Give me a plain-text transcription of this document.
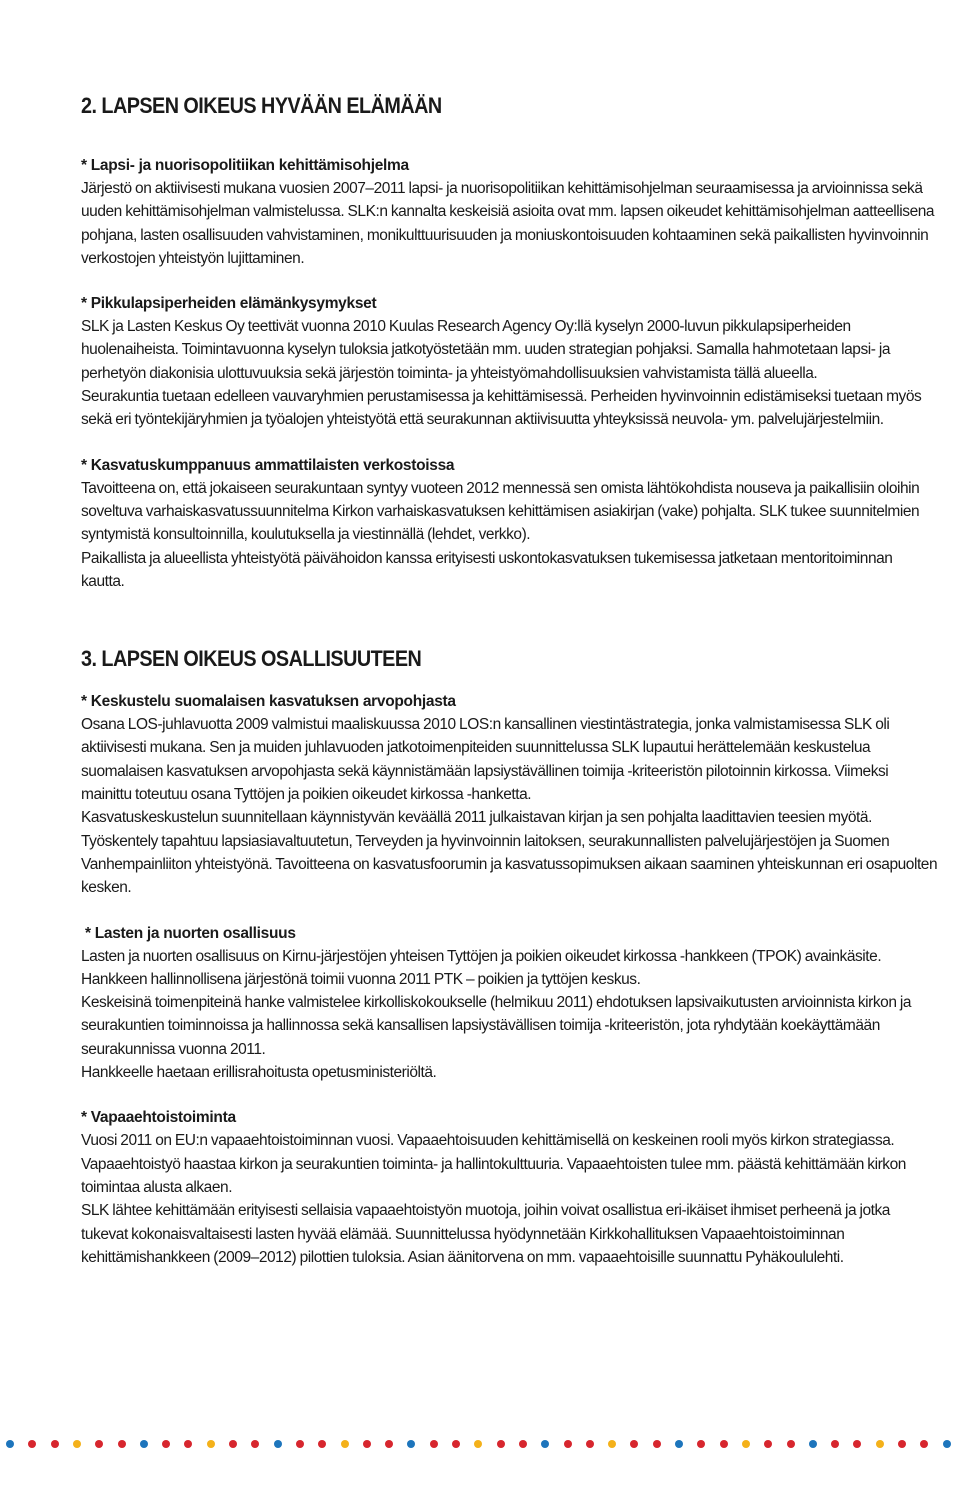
2. LAPSEN OIKEUS HYVÄÄN ELÄMÄÄN

* Lapsi- ja nuorisopolitiikan kehittämisohjelma

Järjestö on aktiivisesti mukana vuosien 2007–2011 lapsi- ja nuorisopolitiikan kehittämisohjelman seuraamisessa ja arvioinnissa sekä uuden kehittämisohjelman valmistelussa. SLK:n kannalta keskeisiä asioita ovat mm. lapsen oikeudet kehittämisohjelman aatteellisena pohjana, lasten osallisuuden vahvistaminen, monikulttuurisuuden ja moniuskontoisuuden kohtaaminen sekä paikallisten hyvinvoinnin verkostojen yhteistyön lujittaminen.

* Pikkulapsiperheiden elämänkysymykset

SLK ja Lasten Keskus Oy teettivät vuonna 2010 Kuulas Research Agency Oy:llä kyselyn 2000-luvun pikkulapsiperheiden huolenaiheista. Toimintavuonna kyselyn tuloksia jatkotyöstetään mm. uuden strategian pohjaksi. Samalla hahmotetaan lapsi- ja perhetyön diakonisia ulottuvuuksia sekä järjestön toiminta- ja yhteistyömahdollisuuksien vahvistamista tällä alueella.

Seurakuntia tuetaan edelleen vauvaryhmien perustamisessa ja kehittämisessä. Perheiden hyvinvoinnin edistämiseksi tuetaan myös sekä eri työntekijäryhmien ja työalojen yhteistyötä että seurakunnan aktiivisuutta yhteyksissä neuvola- ym. palvelujärjestelmiin.

* Kasvatuskumppanuus ammattilaisten verkostoissa

Tavoitteena on, että jokaiseen seurakuntaan syntyy vuoteen 2012 mennessä sen omista lähtökohdista nouseva ja paikallisiin oloihin soveltuva varhaiskasvatussuunnitelma Kirkon varhaiskasvatuksen kehittämisen asiakirjan (vake) pohjalta. SLK tukee suunnitelmien syntymistä konsultoinnilla, koulutuksella ja viestinnällä (lehdet, verkko).

Paikallista ja alueellista yhteistyötä päivähoidon kanssa erityisesti uskontokasvatuksen tukemisessa jatketaan mentoritoiminnan kautta.

3. LAPSEN OIKEUS OSALLISUUTEEN

* Keskustelu suomalaisen kasvatuksen arvopohjasta

Osana LOS-juhlavuotta 2009 valmistui maaliskuussa 2010 LOS:n kansallinen viestintästrategia, jonka valmistamisessa SLK oli aktiivisesti mukana. Sen ja muiden juhlavuoden jatkotoimenpiteiden suunnittelussa SLK lupautui herättelemään keskustelua suomalaisen kasvatuksen arvopohjasta sekä käynnistämään lapsiystävällinen toimija -kriteeristön pilotoinnin kirkossa. Viimeksi mainittu toteutuu osana Tyttöjen ja poikien oikeudet kirkossa -hanketta.

Kasvatuskeskustelun suunnitellaan käynnistyvän keväällä 2011 julkaistavan kirjan ja sen pohjalta laadittavien teesien myötä. Työskentely tapahtuu lapsiasiavaltuutetun, Terveyden ja hyvinvoinnin laitoksen, seurakunnallisten palvelujärjestöjen ja Suomen Vanhempainliiton yhteistyönä. Tavoitteena on kasvatusfoorumin ja kasvatussopimuksen aikaan saaminen yhteiskunnan eri osapuolten kesken.

* Lasten ja nuorten osallisuus

Lasten ja nuorten osallisuus on Kirnu-järjestöjen yhteisen Tyttöjen ja poikien oikeudet kirkossa -hankkeen (TPOK) avainkäsite.

Hankkeen hallinnollisena järjestönä toimii vuonna 2011 PTK – poikien ja tyttöjen keskus.

Keskeisinä toimenpiteinä hanke valmistelee kirkolliskokoukselle (helmikuu 2011) ehdotuksen lapsivaikutusten arvioinnista kirkon ja seurakuntien toiminnoissa ja hallinnossa sekä kansallisen lapsiystävällisen toimija -kriteeristön, jota ryhdytään koekäyttämään seurakunnissa vuonna 2011.

Hankkeelle haetaan erillisrahoitusta opetusministeriöltä.

* Vapaaehtoistoiminta

Vuosi 2011 on EU:n vapaaehtoistoiminnan vuosi. Vapaaehtoisuuden kehittämisellä on keskeinen rooli myös kirkon strategiassa. Vapaaehtoistyö haastaa kirkon ja seurakuntien toiminta- ja hallintokulttuuria. Vapaaehtoisten tulee mm. päästä kehittämään kirkon toimintaa alusta alkaen.

SLK lähtee kehittämään erityisesti sellaisia vapaaehtoistyön muotoja, joihin voivat osallistua eri-ikäiset ihmiset perheenä ja jotka tukevat kokonaisvaltaisesti lasten hyvää elämää. Suunnittelussa hyödynnetään Kirkkohallituksen Vapaaehtoistoiminnan kehittämishankkeen (2009–2012) pilottien tuloksia. Asian äänitorvena on mm. vapaaehtoisille suunnattu Pyhäkoululehti.
